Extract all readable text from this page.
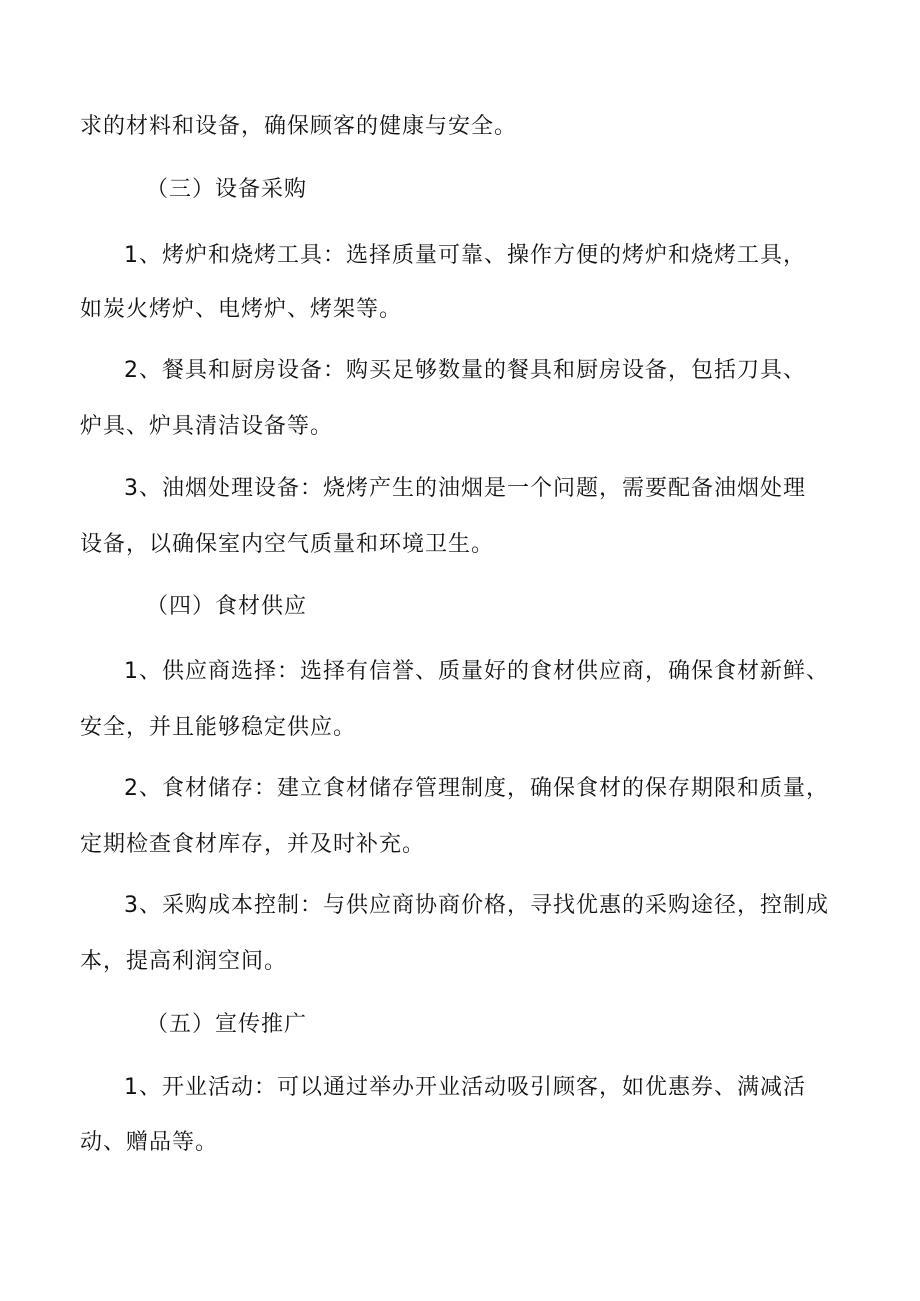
求的材料和设备，确保顾客的健康与安全。
（三）设备采购
1、烤炉和烧烤工具：选择质量可靠、操作方便的烤炉和烧烤工具，
如炭火烤炉、电烤炉、烤架等。
2、餐具和厨房设备：购买足够数量的餐具和厨房设备，包括刀具、
炉具、炉具清洁设备等。
3、油烟处理设备：烧烤产生的油烟是一个问题，需要配备油烟处理
设备，以确保室内空气质量和环境卫生。
（四）食材供应
1、供应商选择：选择有信誉、质量好的食材供应商，确保食材新鲜、
安全，并且能够稳定供应。
2、食材储存：建立食材储存管理制度，确保食材的保存期限和质量，
定期检查食材库存，并及时补充。
3、采购成本控制：与供应商协商价格，寻找优惠的采购途径，控制成
本，提高利润空间。
（五）宣传推广
1、开业活动：可以通过举办开业活动吸引顾客，如优惠券、满减活
动、赠品等。
